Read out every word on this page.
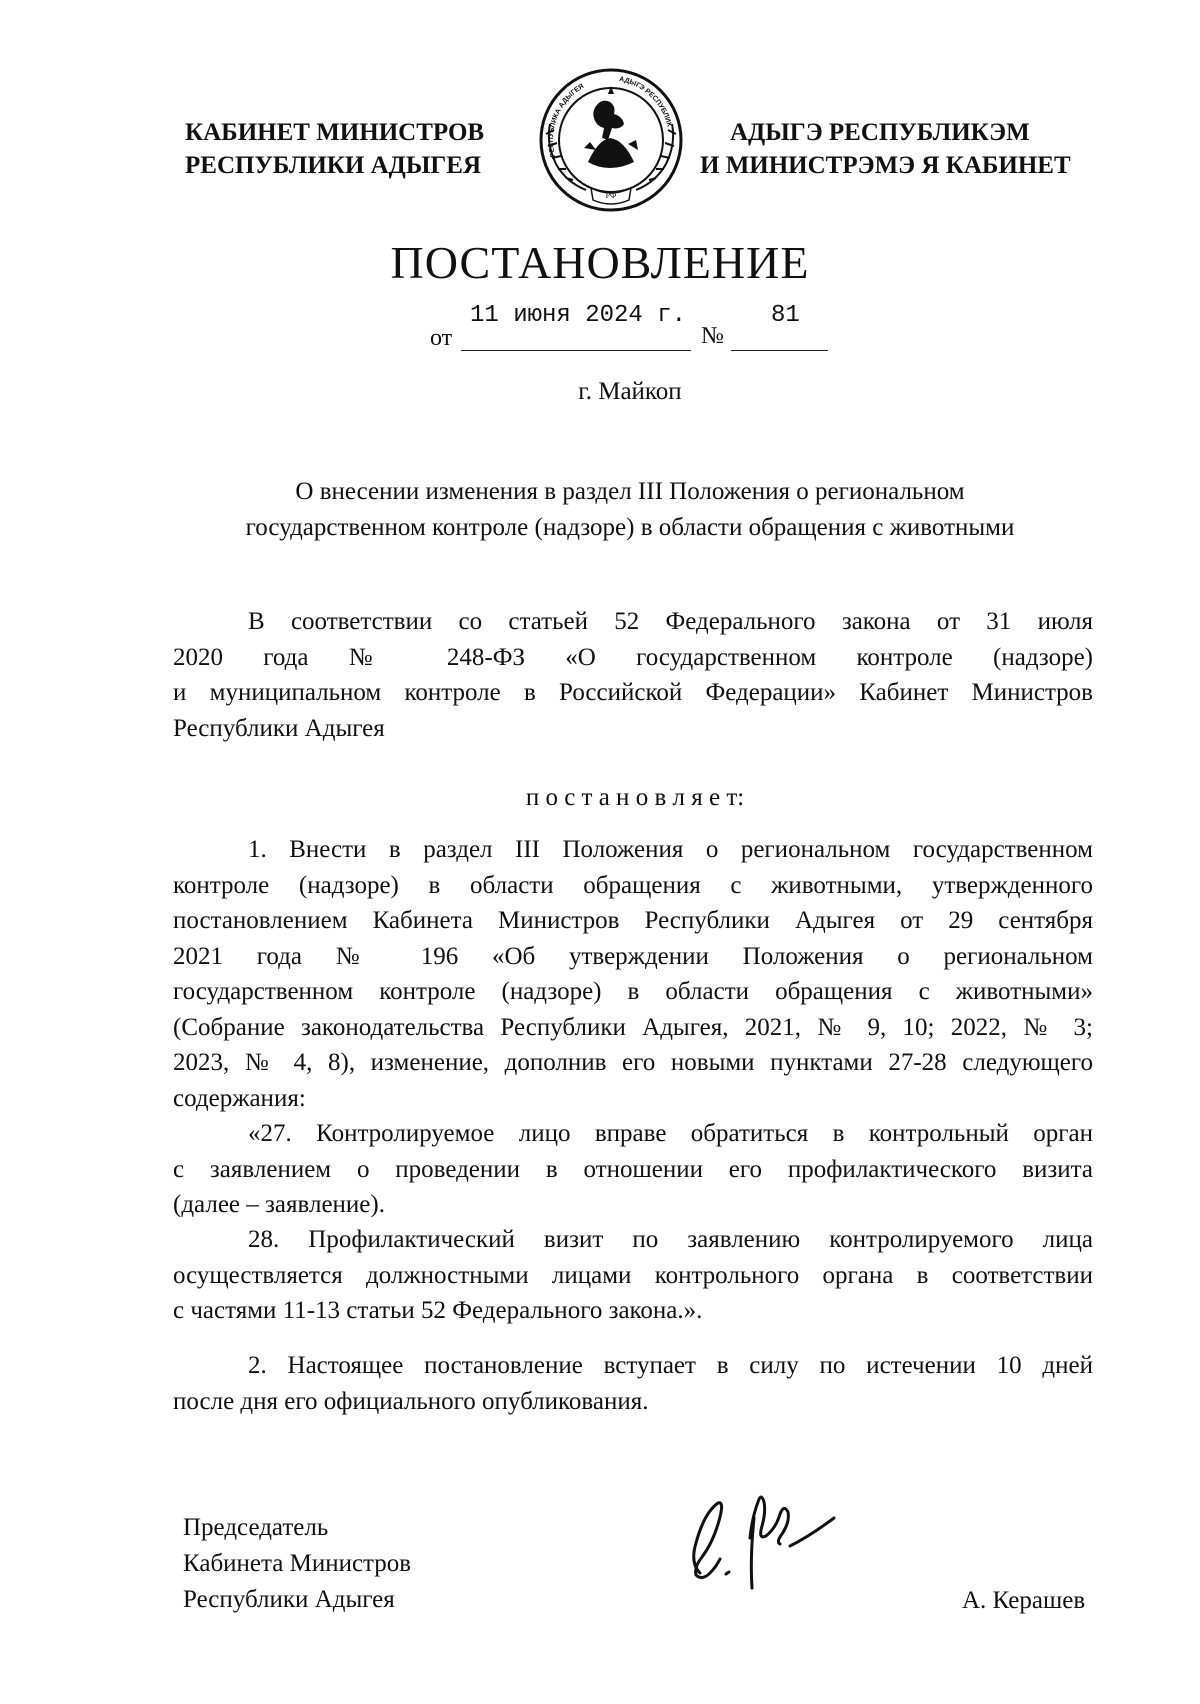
КАБИНЕТ МИНИСТРОВ
РЕСПУБЛИКИ АДЫГЕЯ
РФ
РЕСПУБЛИКА АДЫГЕЯ
АДЫГЭ РЕСПУБЛИК	АДЫГЭ РЕСПУБЛИКЭМ
И МИНИСТРЭМЭ Я КАБИНЕТ
ПОСТАНОВЛЕНИЕ
от
11 июня 2024 г.
№
81
г. Майкоп
О внесении изменения в раздел III Положения о региональном
государственном контроле (надзоре) в области обращения с животными
В соответствии со статьей 52 Федерального закона от 31 июля
2020 года № 248-ФЗ «О государственном контроле (надзоре)
и муниципальном контроле в Российской Федерации» Кабинет Министров
Республики Адыгея
п о с т а н о в л я е т:
1. Внести в раздел III Положения о региональном государственном
контроле (надзоре) в области обращения с животными, утвержденного
постановлением Кабинета Министров Республики Адыгея от 29 сентября
2021 года № 196 «Об утверждении Положения о региональном
государственном контроле (надзоре) в области обращения с животными»
(Собрание законодательства Республики Адыгея, 2021, № 9, 10; 2022, № 3;
2023, № 4, 8), изменение, дополнив его новыми пунктами 27-28 следующего
содержания:
«27. Контролируемое лицо вправе обратиться в контрольный орган
с заявлением о проведении в отношении его профилактического визита
(далее – заявление).
28. Профилактический визит по заявлению контролируемого лица
осуществляется должностными лицами контрольного органа в соответствии
с частями 11-13 статьи 52 Федерального закона.».
2. Настоящее постановление вступает в силу по истечении 10 дней
после дня его официального опубликования.
Председатель
Кабинета Министров
Республики Адыгея	А. Керашев
